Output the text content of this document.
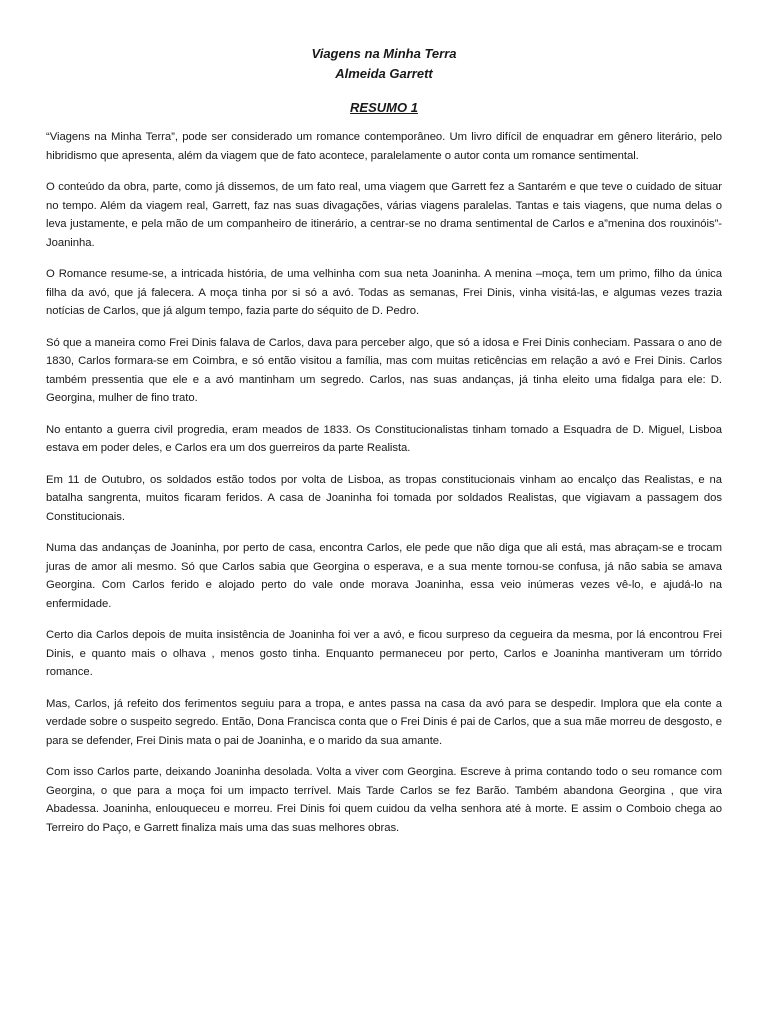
Viagens na Minha Terra

Almeida Garrett

RESUMO 1

“Viagens na Minha Terra”, pode ser considerado um romance contemporâneo. Um livro difícil de enquadrar em gênero literário, pelo hibridismo que apresenta, além da viagem que de fato acontece, paralelamente o autor conta um romance sentimental.

O conteúdo da obra, parte, como já dissemos, de um fato real, uma viagem que Garrett fez a Santarém e que teve o cuidado de situar no tempo. Além da viagem real, Garrett, faz nas suas divagações, várias viagens paralelas. Tantas e tais viagens, que numa delas o leva justamente, e pela mão de um companheiro de itinerário, a centrar-se no drama sentimental de Carlos e a”menina dos rouxinóis”- Joaninha.

O Romance resume-se, a intricada história, de uma velhinha com sua neta Joaninha. A menina –moça, tem um primo, filho da única filha da avó, que já falecera. A moça tinha por si só a avó. Todas as semanas, Frei Dinis, vinha visitá-las, e algumas vezes trazia notícias de Carlos, que já algum tempo, fazia parte do séquito de D. Pedro.

Só que a maneira como Frei Dinis falava de Carlos, dava para perceber algo, que só a idosa e Frei Dinis conheciam. Passara o ano de 1830, Carlos formara-se em Coimbra, e só então visitou a família, mas com muitas reticências em relação a avó e Frei Dinis. Carlos também pressentia que ele e a avó mantinham um segredo. Carlos, nas suas andanças, já tinha eleito uma fidalga para ele: D. Georgina, mulher de fino trato.

No entanto a guerra civil progredia, eram meados de 1833. Os Constitucionalistas tinham tomado a Esquadra de D. Miguel, Lisboa estava em poder deles, e Carlos era um dos guerreiros da parte Realista.

Em 11 de Outubro, os soldados estão todos por volta de Lisboa, as tropas constitucionais vinham ao encalço das Realistas, e na batalha sangrenta, muitos ficaram feridos. A casa de Joaninha foi tomada por soldados Realistas, que vigiavam a passagem dos Constitucionais.

Numa das andanças de Joaninha, por perto de casa, encontra Carlos, ele pede que não diga que ali está, mas abraçam-se e trocam juras de amor ali mesmo. Só que Carlos sabia que Georgina o esperava, e a sua mente tornou-se confusa, já não sabia se amava Georgina. Com Carlos ferido e alojado perto do vale onde morava Joaninha, essa veio inúmeras vezes vê-lo, e ajudá-lo na enfermidade.

Certo dia Carlos depois de muita insistência de Joaninha foi ver a avó, e ficou surpreso da cegueira da mesma, por lá encontrou Frei Dinis, e quanto mais o olhava , menos gosto tinha. Enquanto permaneceu por perto, Carlos e Joaninha mantiveram um tórrido romance.

Mas, Carlos, já refeito dos ferimentos seguiu para a tropa, e antes passa na casa da avó para se despedir. Implora que ela conte a verdade sobre o suspeito segredo. Então, Dona Francisca conta que o Frei Dinis é pai de Carlos, que a sua mãe morreu de desgosto, e para se defender, Frei Dinis mata o pai de Joaninha, e o marido da sua amante.

Com isso Carlos parte, deixando Joaninha desolada. Volta a viver com Georgina. Escreve à prima contando todo o seu romance com Georgina, o que para a moça foi um impacto terrível. Mais Tarde Carlos se fez Barão. Também abandona Georgina , que vira Abadessa. Joaninha, enlouqueceu e morreu. Frei Dinis foi quem cuidou da velha senhora até à morte. E assim o Comboio chega ao Terreiro do Paço, e Garrett finaliza mais uma das suas melhores obras.
